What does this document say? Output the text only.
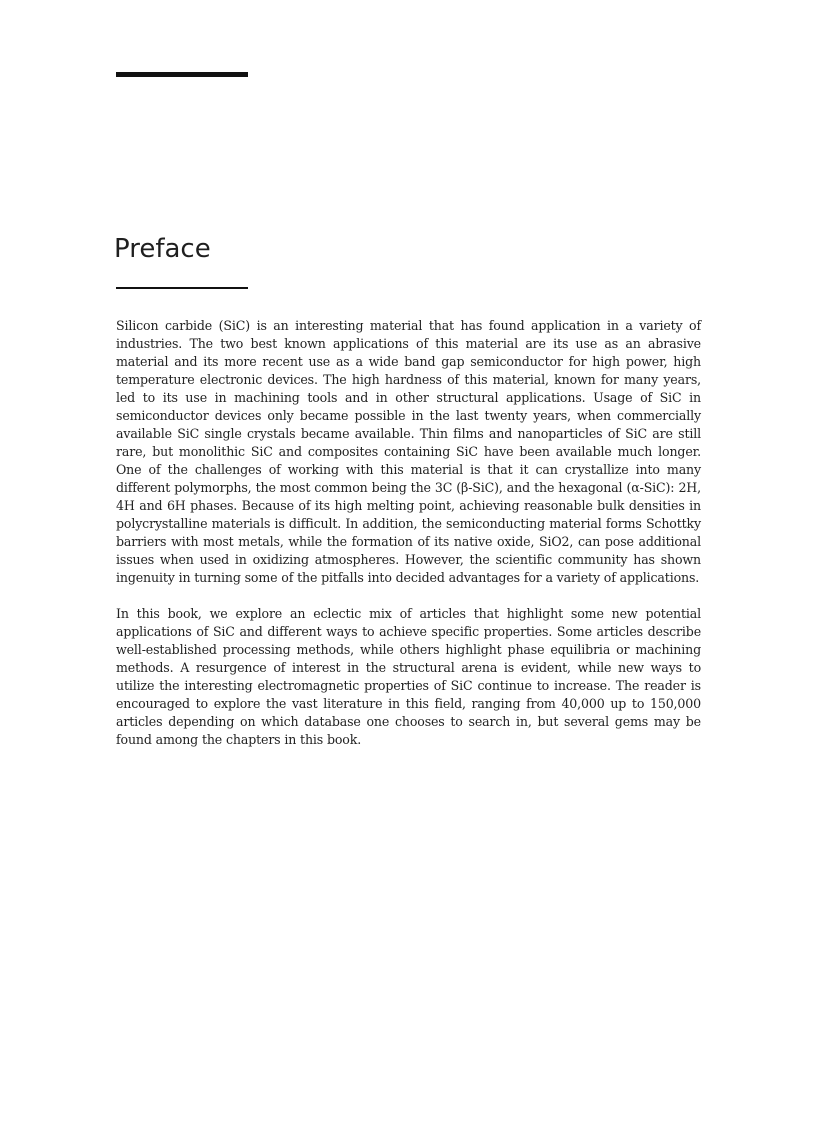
Preface

Silicon carbide (SiC) is an interesting material that has found application in a variety of industries. The two best known applications of this material are its use as an abrasive material and its more recent use as a wide band gap semiconductor for high power, high temperature electronic devices. The high hardness of this material, known for many years, led to its use in machining tools and in other structural applications. Usage of SiC in semiconductor devices only became possible in the last twenty years, when commercially available SiC single crystals became available. Thin films and nanoparticles of SiC are still rare, but monolithic SiC and composites containing SiC have been available much longer. One of the challenges of working with this material is that it can crystallize into many different polymorphs, the most common being the 3C (β-SiC), and the hexagonal (α-SiC): 2H, 4H and 6H phases. Because of its high melting point, achieving reasonable bulk densities in polycrystalline materials is difficult. In addition, the semiconducting material forms Schottky barriers with most metals, while the formation of its native oxide, SiO2, can pose additional issues when used in oxidizing atmospheres. However, the scientific community has shown ingenuity in turning some of the pitfalls into decided advantages for a variety of applications.

In this book, we explore an eclectic mix of articles that highlight some new potential applications of SiC and different ways to achieve specific properties. Some articles describe well-established processing methods, while others highlight phase equilibria or machining methods. A resurgence of interest in the structural arena is evident, while new ways to utilize the interesting electromagnetic properties of SiC continue to increase. The reader is encouraged to explore the vast literature in this field, ranging from 40,000 up to 150,000 articles depending on which database one chooses to search in, but several gems may be found among the chapters in this book.
